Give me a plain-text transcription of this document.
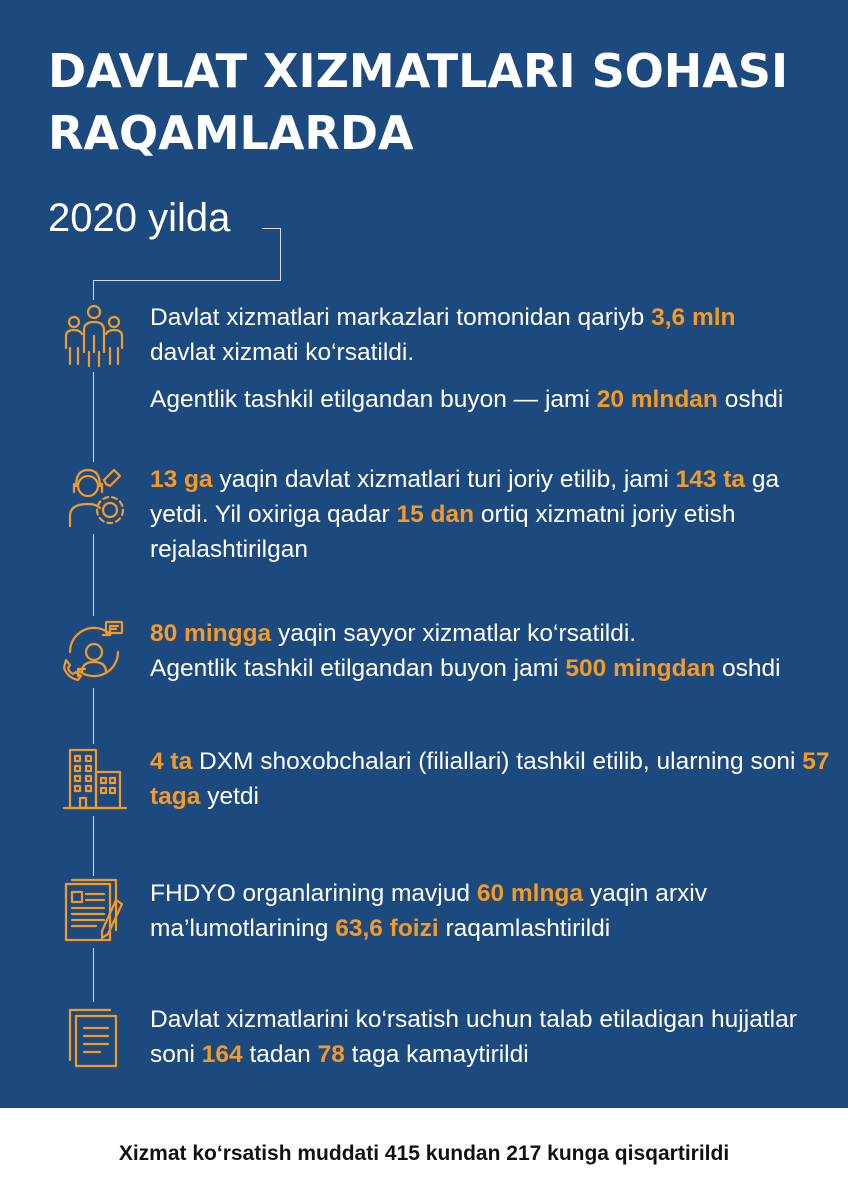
DAVLAT XIZMATLARI SOHASI RAQAMLARDA
2020 yilda

Davlat xizmatlari markazlari tomonidan qariyb 3,6 mln
davlat xizmati ko‘rsatildi.

Agentlik tashkil etilgandan buyon — jami 20 mlndan oshdi

13 ga yaqin davlat xizmatlari turi joriy etilib, jami 143 ta ga yetdi. Yil oxiriga qadar 15 dan ortiq xizmatni joriy etish rejalashtirilgan

80 mingga yaqin sayyor xizmatlar ko‘rsatildi.
Agentlik tashkil etilgandan buyon jami 500 mingdan oshdi

4 ta DXM shoxobchalari (filiallari) tashkil etilib, ularning soni 57 taga yetdi

FHDYO organlarining mavjud 60 mlnga yaqin arxiv ma’lumotlarining 63,6 foizi raqamlashtirildi

Davlat xizmatlarini ko‘rsatish uchun talab etiladigan hujjatlar soni 164 tadan 78 taga kamaytirildi

Xizmat ko‘rsatish muddati 415 kundan 217 kunga qisqartirildi
